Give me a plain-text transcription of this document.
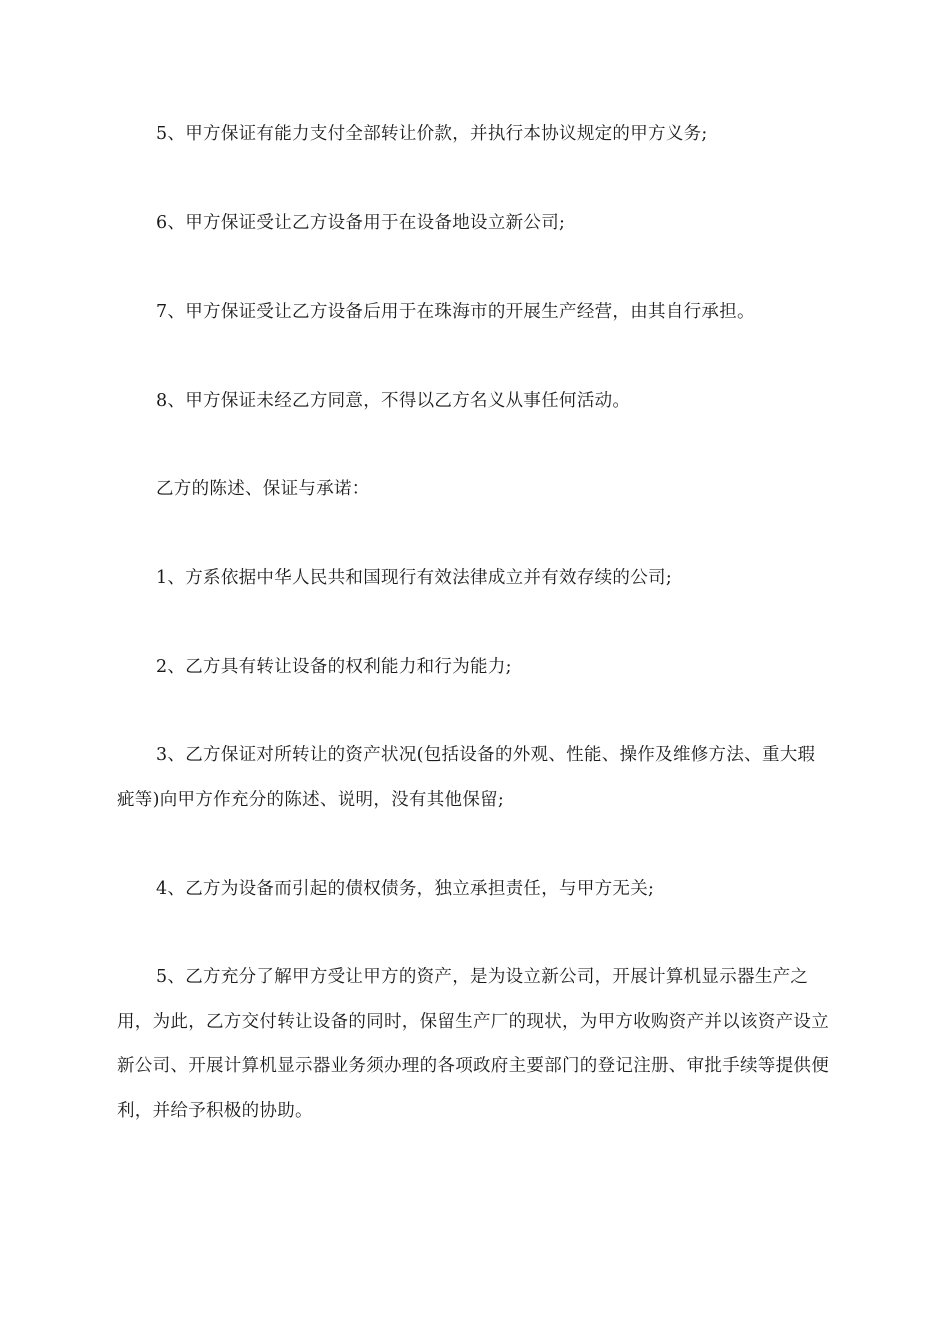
5、甲方保证有能力支付全部转让价款，并执行本协议规定的甲方义务;

6、甲方保证受让乙方设备用于在设备地设立新公司;

7、甲方保证受让乙方设备后用于在珠海市的开展生产经营，由其自行承担。

8、甲方保证未经乙方同意，不得以乙方名义从事任何活动。

乙方的陈述、保证与承诺：

1、方系依据中华人民共和国现行有效法律成立并有效存续的公司;

2、乙方具有转让设备的权利能力和行为能力;

3、乙方保证对所转让的资产状况(包括设备的外观、性能、操作及维修方法、重大瑕疵等)向甲方作充分的陈述、说明，没有其他保留;

4、乙方为设备而引起的债权债务，独立承担责任，与甲方无关;

5、乙方充分了解甲方受让甲方的资产，是为设立新公司，开展计算机显示器生产之用，为此，乙方交付转让设备的同时，保留生产厂的现状，为甲方收购资产并以该资产设立新公司、开展计算机显示器业务须办理的各项政府主要部门的登记注册、审批手续等提供便利，并给予积极的协助。
